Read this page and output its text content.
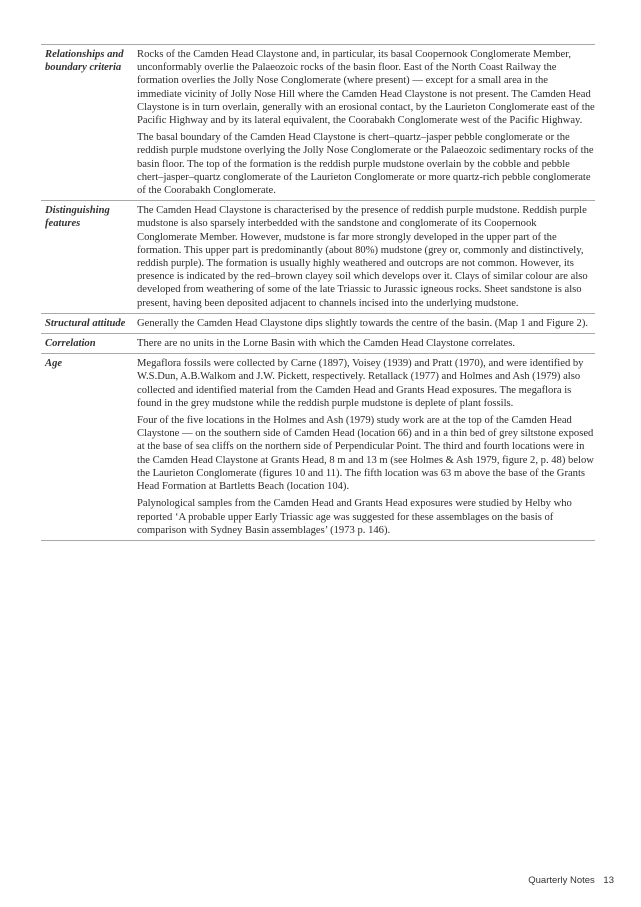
Relationships and boundary criteria	Rocks of the Camden Head Claystone and, in particular, its basal Coopernook Conglomerate Member, unconformably overlie the Palaeozoic rocks of the basin floor. East of the North Coast Railway the formation overlies the Jolly Nose Conglomerate (where present) — except for a small area in the immediate vicinity of Jolly Nose Hill where the Camden Head Claystone is not present. The Camden Head Claystone is in turn overlain, generally with an erosional contact, by the Laurieton Conglomerate east of the Pacific Highway and by its lateral equivalent, the Coorabakh Conglomerate west of the Pacific Highway.

The basal boundary of the Camden Head Claystone is chert–quartz–jasper pebble conglomerate or the reddish purple mudstone overlying the Jolly Nose Conglomerate or the Palaeozoic sedimentary rocks of the basin floor. The top of the formation is the reddish purple mudstone overlain by the cobble and pebble chert–jasper–quartz conglomerate of the Laurieton Conglomerate or more quartz-rich pebble conglomerate of the Coorabakh Conglomerate.

Distinguishing features	The Camden Head Claystone is characterised by the presence of reddish purple mudstone. Reddish purple mudstone is also sparsely interbedded with the sandstone and conglomerate of its Coopernook Conglomerate Member. However, mudstone is far more strongly developed in the upper part of the formation. This upper part is predominantly (about 80%) mudstone (grey or, commonly and distinctively, reddish purple). The formation is usually highly weathered and outcrops are not common. However, its presence is indicated by the red–brown clayey soil which develops over it. Clays of similar colour are also developed from weathering of some of the late Triassic to Jurassic igneous rocks. Sheet sandstone is also present, having been deposited adjacent to channels incised into the underlying mudstone.

Structural attitude	Generally the Camden Head Claystone dips slightly towards the centre of the basin. (Map 1 and Figure 2).

Correlation	There are no units in the Lorne Basin with which the Camden Head Claystone correlates.

Age	Megaflora fossils were collected by Carne (1897), Voisey (1939) and Pratt (1970), and were identified by W.S.Dun, A.B.Walkom and J.W. Pickett, respectively. Retallack (1977) and Holmes and Ash (1979) also collected and identified material from the Camden Head and Grants Head exposures. The megaflora is found in the grey mudstone while the reddish purple mudstone is deplete of plant fossils.

Four of the five locations in the Holmes and Ash (1979) study work are at the top of the Camden Head Claystone — on the southern side of Camden Head (location 66) and in a thin bed of grey siltstone exposed at the base of sea cliffs on the northern side of Perpendicular Point. The third and fourth locations were in the Camden Head Claystone at Grants Head, 8 m and 13 m (see Holmes & Ash 1979, figure 2, p. 48) below the Laurieton Conglomerate (figures 10 and 11). The fifth location was 63 m above the base of the Grants Head Formation at Bartletts Beach (location 104).

Palynological samples from the Camden Head and Grants Head exposures were studied by Helby who reported ‘A probable upper Early Triassic age was suggested for these assemblages on the basis of comparison with Sydney Basin assemblages’ (1973 p. 146).

Quarterly Notes 13
